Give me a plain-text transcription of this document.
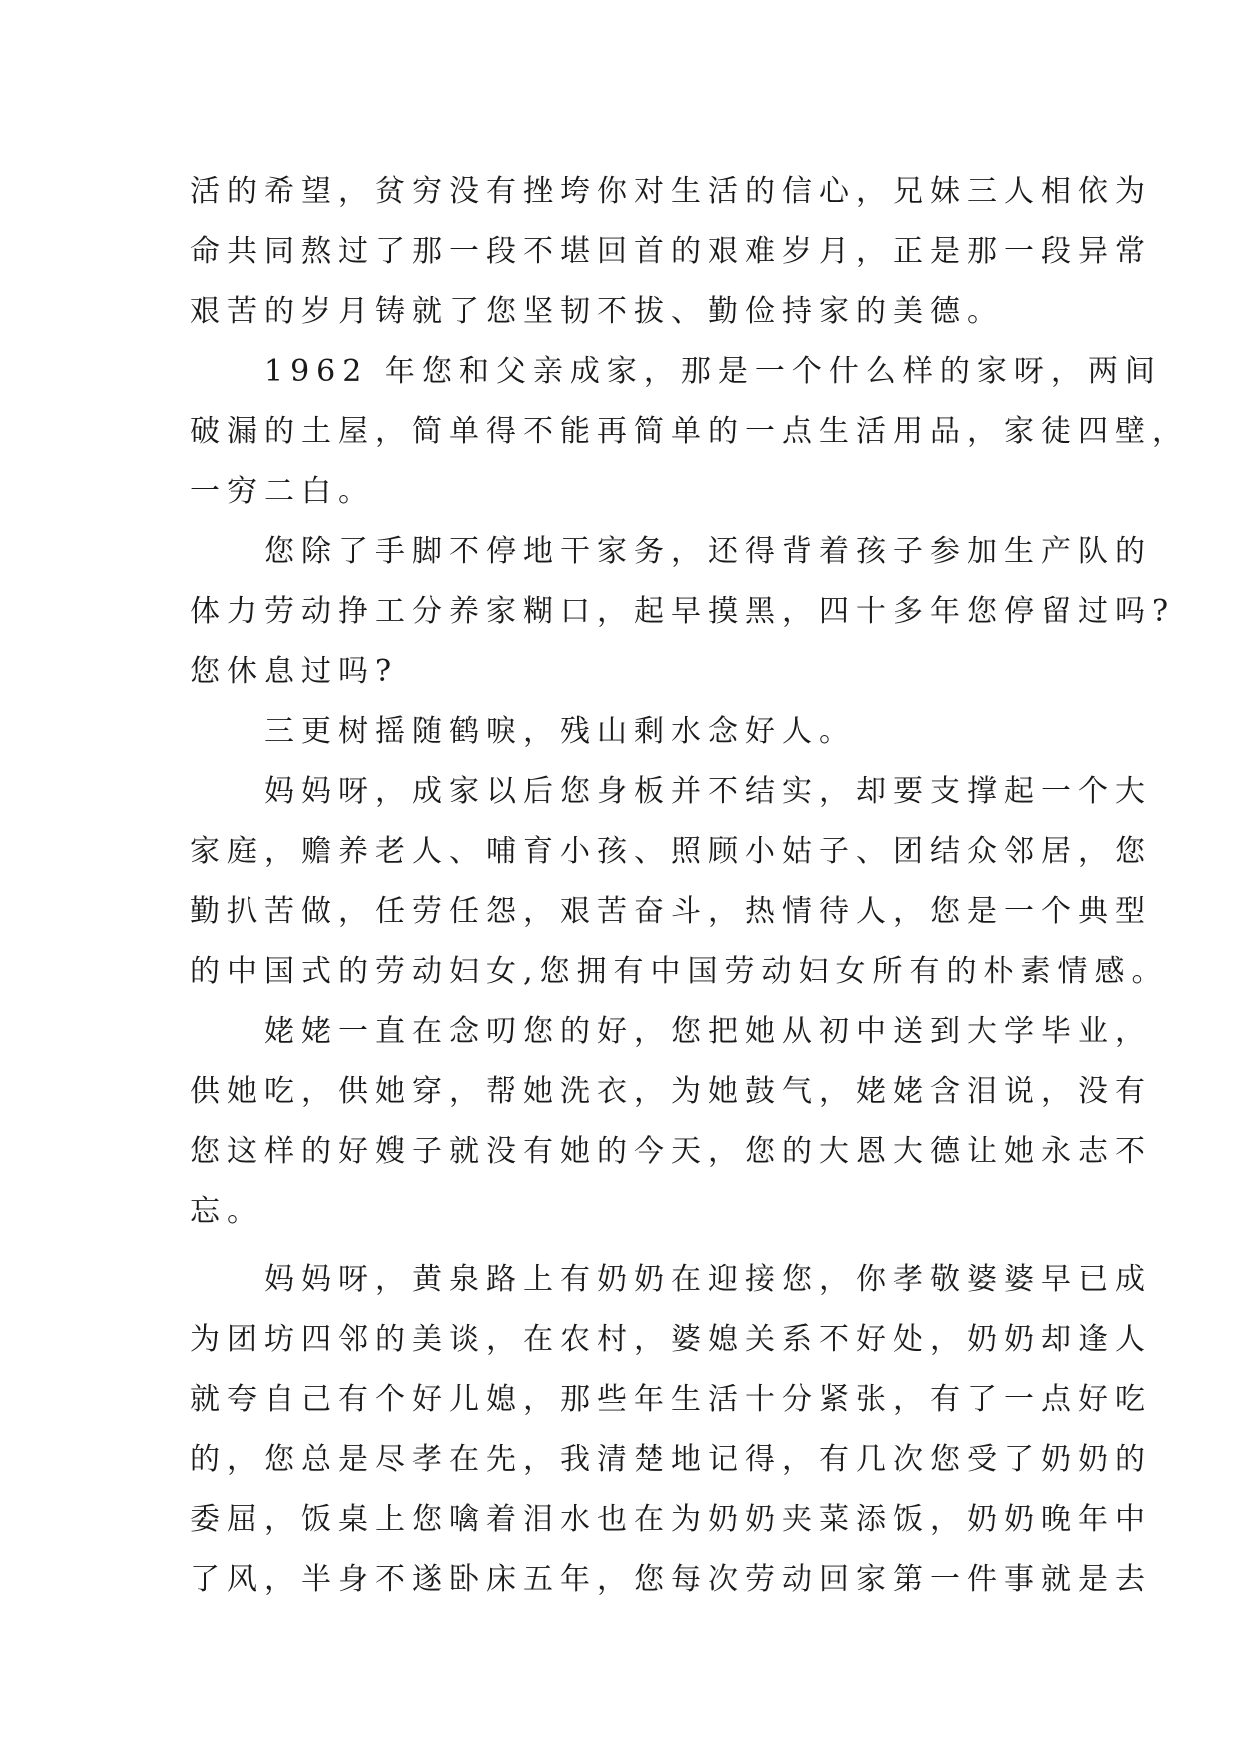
活的希望，贫穷没有挫垮你对生活的信心，兄妹三人相依为
命共同熬过了那一段不堪回首的艰难岁月，正是那一段异常
艰苦的岁月铸就了您坚韧不拔、勤俭持家的美德。
　　1962 年您和父亲成家，那是一个什么样的家呀，两间
破漏的土屋，简单得不能再简单的一点生活用品，家徒四壁，
一穷二白。
　　您除了手脚不停地干家务，还得背着孩子参加生产队的
体力劳动挣工分养家糊口，起早摸黑，四十多年您停留过吗?
您休息过吗?
　　三更树摇随鹤唳，残山剩水念好人。
　　妈妈呀，成家以后您身板并不结实，却要支撑起一个大
家庭，赡养老人、哺育小孩、照顾小姑子、团结众邻居，您
勤扒苦做，任劳任怨，艰苦奋斗，热情待人，您是一个典型
的中国式的劳动妇女,您拥有中国劳动妇女所有的朴素情感。
　　姥姥一直在念叨您的好，您把她从初中送到大学毕业，
供她吃，供她穿，帮她洗衣，为她鼓气，姥姥含泪说，没有
您这样的好嫂子就没有她的今天，您的大恩大德让她永志不
忘。
　　妈妈呀，黄泉路上有奶奶在迎接您，你孝敬婆婆早已成
为团坊四邻的美谈，在农村，婆媳关系不好处，奶奶却逢人
就夸自己有个好儿媳，那些年生活十分紧张，有了一点好吃
的，您总是尽孝在先，我清楚地记得，有几次您受了奶奶的
委屈，饭桌上您噙着泪水也在为奶奶夹菜添饭，奶奶晚年中
了风，半身不遂卧床五年，您每次劳动回家第一件事就是去
